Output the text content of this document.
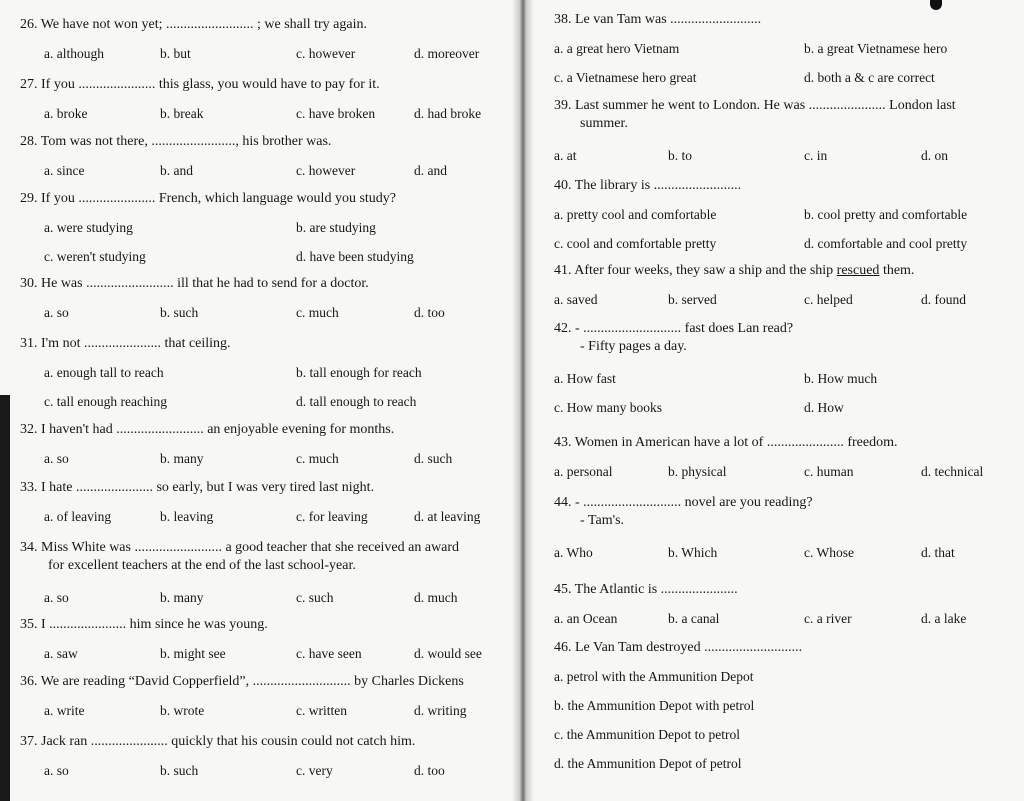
26. We have not won yet; ......................... ; we shall try again.
a. although	b. but	c. however	d. moreover
27. If you ...................... this glass, you would have to pay for it.
a. broke	b. break	c. have broken	d. had broke
28. Tom was not there, ........................, his brother was.
a. since	b. and	c. however	d. and
29. If you ...................... French, which language would you study?
a. were studying	b. are studying
c. weren't studying	d. have been studying
30. He was ......................... ill that he had to send for a doctor.
a. so	b. such	c. much	d. too
31. I'm not ...................... that ceiling.
a. enough tall to reach	b. tall enough for reach
c. tall enough reaching	d. tall enough to reach
32. I haven't had ......................... an enjoyable evening for months.
a. so	b. many	c. much	d. such
33. I hate ...................... so early, but I was very tired last night.
a. of leaving	b. leaving	c. for leaving	d. at leaving
34. Miss White was ......................... a good teacher that she received an award
for excellent teachers at the end of the last school-year.
a. so	b. many	c. such	d. much
35. I ...................... him since he was young.
a. saw	b. might see	c. have seen	d. would see
36. We are reading “David Copperfield”, ............................ by Charles Dickens
a. write	b. wrote	c. written	d. writing
37. Jack ran ...................... quickly that his cousin could not catch him.
a. so	b. such	c. very	d. too
38. Le van Tam was ..........................
a. a great hero Vietnam	b. a great Vietnamese hero
c. a Vietnamese hero great	d. both a & c are correct
39. Last summer he went to London. He was ...................... London last
summer.
a. at	b. to	c. in	d. on
40. The library is .........................
a. pretty cool and comfortable	b. cool pretty and comfortable
c. cool and comfortable pretty	d. comfortable and cool pretty
41. After four weeks, they saw a ship and the ship rescued them.
a. saved	b. served	c. helped	d. found
42. - ............................ fast does Lan read?
- Fifty pages a day.
a. How fast	b. How much
c. How many books	d. How
43. Women in American have a lot of ...................... freedom.
a. personal	b. physical	c. human	d. technical
44. - ............................ novel are you reading?
- Tam's.
a. Who	b. Which	c. Whose	d. that
45. The Atlantic is ......................
a. an Ocean	b. a canal	c. a river	d. a lake
46. Le Van Tam destroyed ............................
a. petrol with the Ammunition Depot
b. the Ammunition Depot with petrol
c. the Ammunition Depot to petrol
d. the Ammunition Depot of petrol
